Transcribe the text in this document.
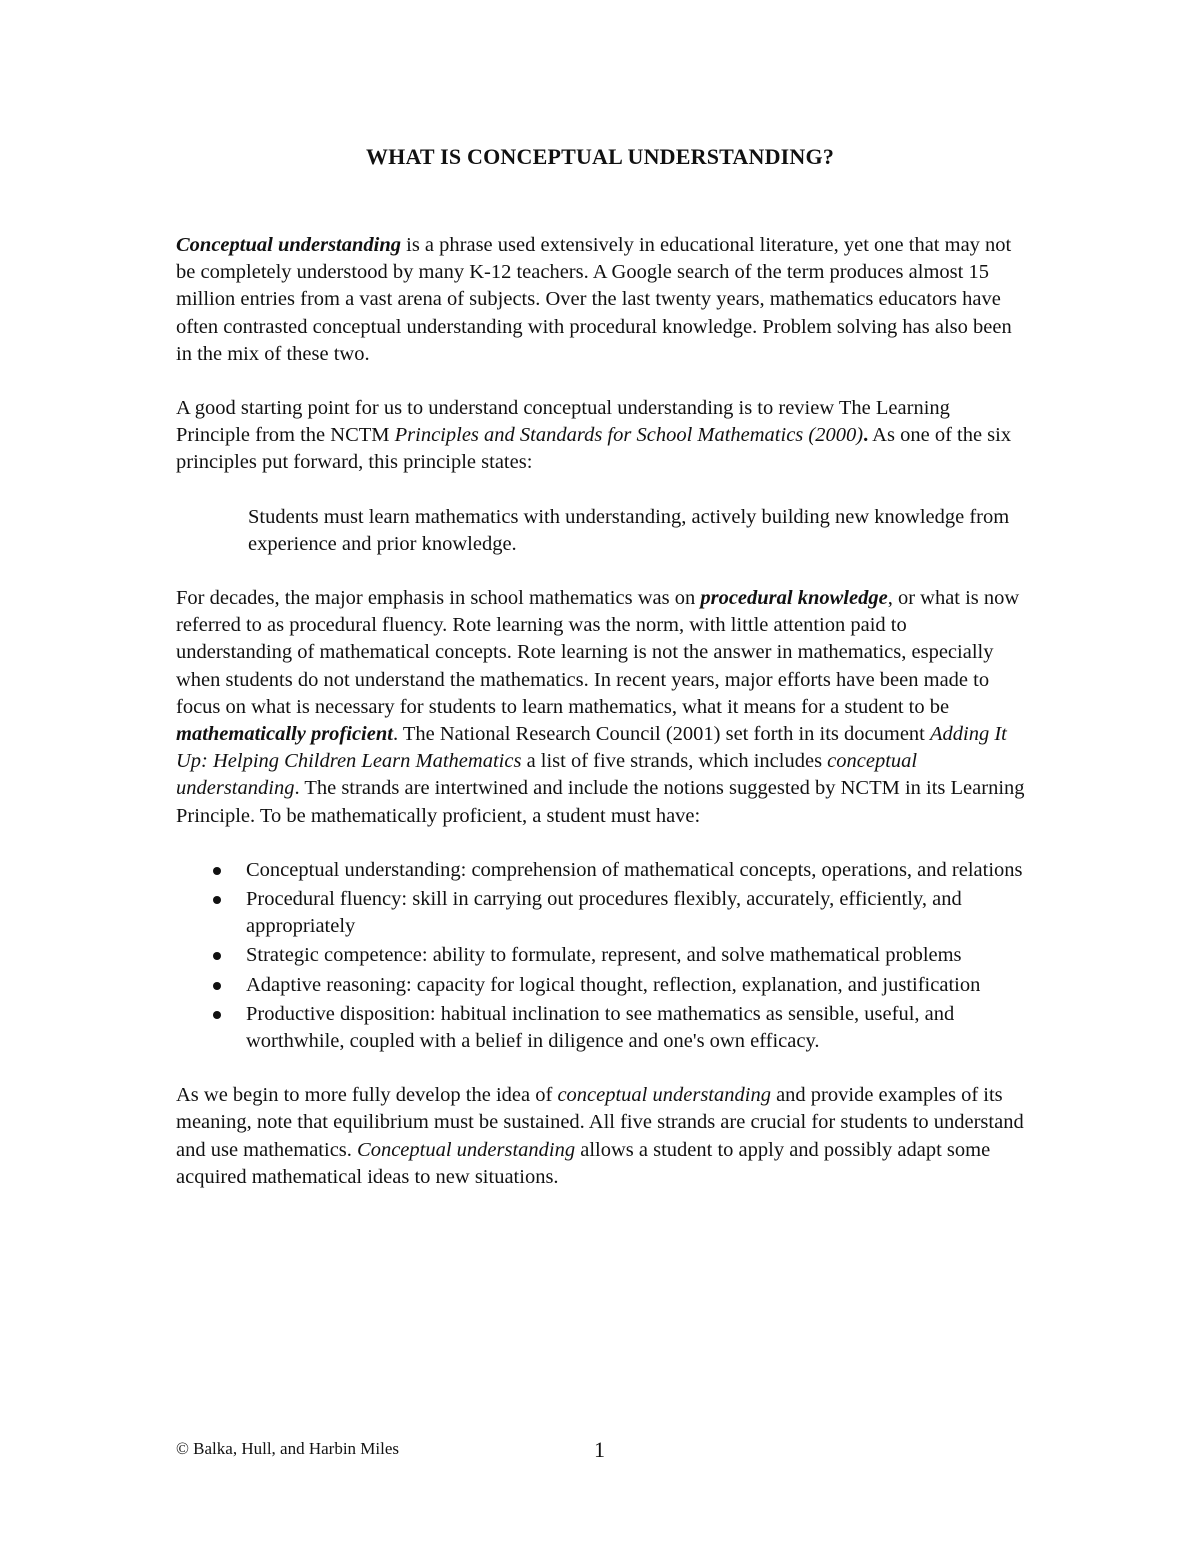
WHAT IS CONCEPTUAL UNDERSTANDING?

Conceptual understanding is a phrase used extensively in educational literature, yet one that may not be completely understood by many K-12 teachers. A Google search of the term produces almost 15 million entries from a vast arena of subjects. Over the last twenty years, mathematics educators have often contrasted conceptual understanding with procedural knowledge. Problem solving has also been in the mix of these two.

A good starting point for us to understand conceptual understanding is to review The Learning Principle from the NCTM Principles and Standards for School Mathematics (2000). As one of the six principles put forward, this principle states:

Students must learn mathematics with understanding, actively building new knowledge from experience and prior knowledge.

For decades, the major emphasis in school mathematics was on procedural knowledge, or what is now referred to as procedural fluency. Rote learning was the norm, with little attention paid to understanding of mathematical concepts. Rote learning is not the answer in mathematics, especially when students do not understand the mathematics. In recent years, major efforts have been made to focus on what is necessary for students to learn mathematics, what it means for a student to be mathematically proficient. The National Research Council (2001) set forth in its document Adding It Up: Helping Children Learn Mathematics a list of five strands, which includes conceptual understanding. The strands are intertwined and include the notions suggested by NCTM in its Learning Principle. To be mathematically proficient, a student must have:

Conceptual understanding: comprehension of mathematical concepts, operations, and relations
Procedural fluency: skill in carrying out procedures flexibly, accurately, efficiently, and appropriately
Strategic competence: ability to formulate, represent, and solve mathematical problems
Adaptive reasoning: capacity for logical thought, reflection, explanation, and justification
Productive disposition: habitual inclination to see mathematics as sensible, useful, and worthwhile, coupled with a belief in diligence and one's own efficacy.

As we begin to more fully develop the idea of conceptual understanding and provide examples of its meaning, note that equilibrium must be sustained. All five strands are crucial for students to understand and use mathematics. Conceptual understanding allows a student to apply and possibly adapt some acquired mathematical ideas to new situations.

© Balka, Hull, and Harbin Miles	1
